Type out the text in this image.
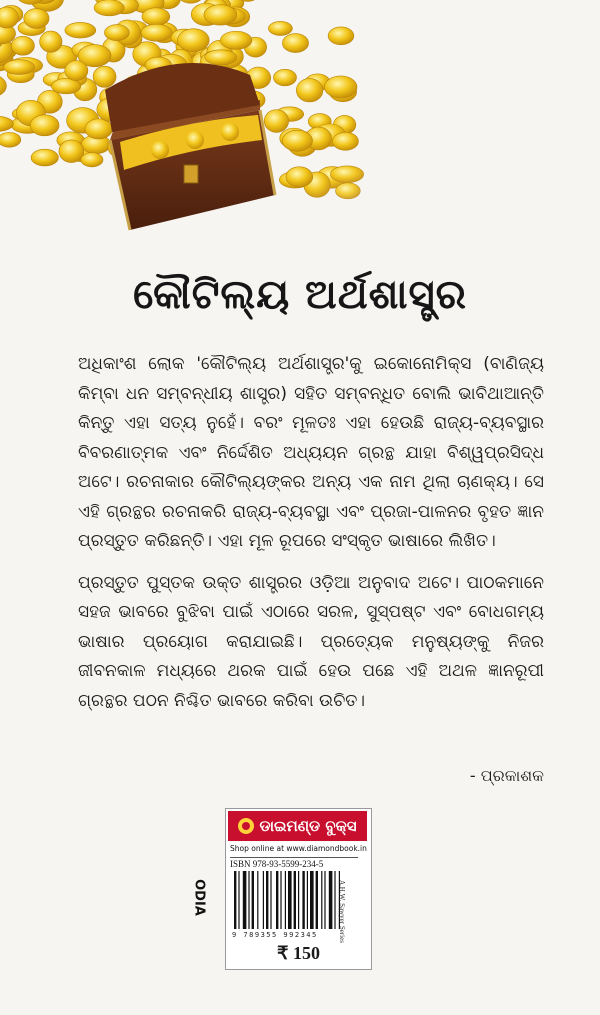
କୌଟିଲ୍ୟ ଅର୍ଥଶାସ୍ତ୍ର

ଅଧିକାଂଶ ଲୋକ 'କୌଟିଲ୍ୟ ଅର୍ଥଶାସ୍ତ୍ର'କୁ ଇକୋନୋମିକ୍ସ (ବାଣିଜ୍ୟ କିମ୍ବା ଧନ ସମ୍ବନ୍ଧୀୟ ଶାସ୍ତ୍ର) ସହିତ ସମ୍ବନ୍ଧିତ ବୋଲି ଭାବିଥାଆନ୍ତି କିନ୍ତୁ ଏହା ସତ୍ୟ ନୁହେଁ। ବରଂ ମୂଳତଃ ଏହା ହେଉଛି ରାଜ୍ୟ-ବ୍ୟବସ୍ଥାର ବିବରଣାତ୍ମକ ଏବଂ ନିର୍ଦ୍ଦେଶିତ ଅଧ୍ୟୟନ ଗ୍ରନ୍ଥ ଯାହା ବିଶ୍ୱପ୍ରସିଦ୍ଧ ଅଟେ। ରଚନାକାର କୌଟିଲ୍ୟଙ୍କର ଅନ୍ୟ ଏକ ନାମ ଥିଲା ଚାଣକ୍ୟ। ସେ ଏହି ଗ୍ରନ୍ଥର ରଚନାକରି ରାଜ୍ୟ-ବ୍ୟବସ୍ଥା ଏବଂ ପ୍ରଜା-ପାଳନର ବୃହତ ଜ୍ଞାନ ପ୍ରସ୍ତୁତ କରିଛନ୍ତି। ଏହା ମୂଳ ରୂପରେ ସଂସ୍କୃତ ଭାଷାରେ ଲିଖିତ।

ପ୍ରସ୍ତୁତ ପୁସ୍ତକ ଉକ୍ତ ଶାସ୍ତ୍ରର ଓଡ଼ିଆ ଅନୁବାଦ ଅଟେ। ପାଠକମାନେ ସହଜ ଭାବରେ ବୁଝିବା ପାଇଁ ଏଠାରେ ସରଳ, ସୁସ୍ପଷ୍ଟ ଏବଂ ବୋଧଗମ୍ୟ ଭାଷାର ପ୍ରୟୋଗ କରାଯାଇଛି। ପ୍ରତ୍ୟେକ ମନୁଷ୍ୟଙ୍କୁ ନିଜର ଜୀବନକାଳ ମଧ୍ୟରେ ଥରକ ପାଇଁ ହେଉ ପଛେ ଏହି ଅଥଳ ଜ୍ଞାନରୂପୀ ଗ୍ରନ୍ଥର ପଠନ ନିଶ୍ଚିତ ଭାବରେ କରିବା ଉଚିତ।

- ପ୍ରକାଶକ
ODIA
ଡାଇମଣ୍ଡ ବୁକ୍ସ
Shop online at www.diamondbook.in
ISBN 978-93-5599-234-5
9 789355 992345
₹ 150
A.H.W. Sawyer Series
